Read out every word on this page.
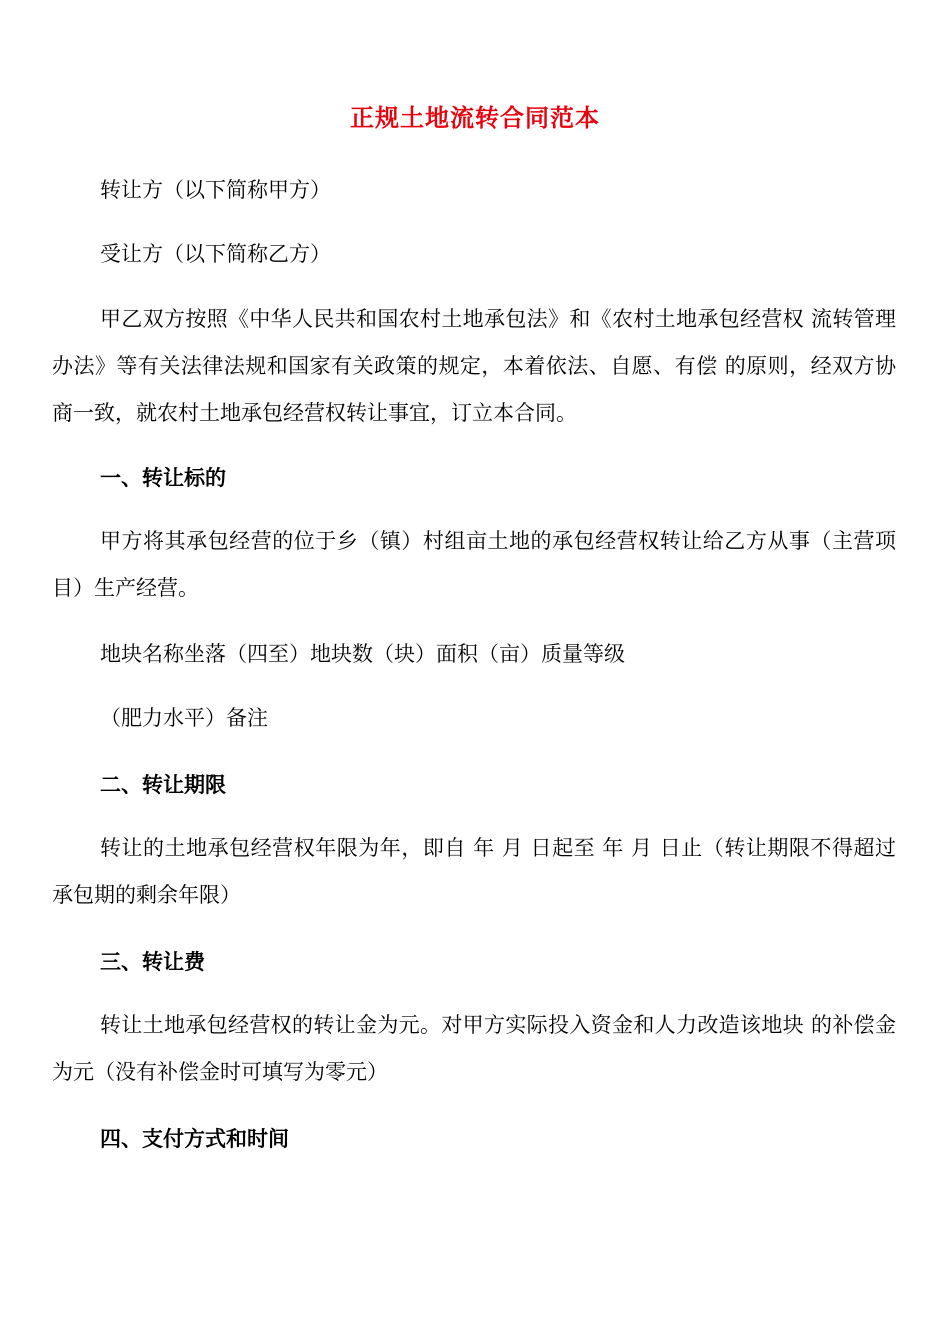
正规土地流转合同范本
转让方（以下简称甲方）
受让方（以下简称乙方）
甲乙双方按照《中华人民共和国农村土地承包法》和《农村土地承包经营权 流转管理办法》等有关法律法规和国家有关政策的规定，本着依法、自愿、有偿 的原则，经双方协商一致，就农村土地承包经营权转让事宜，订立本合同。
一、转让标的
甲方将其承包经营的位于乡（镇）村组亩土地的承包经营权转让给乙方从事（主营项目）生产经营。
地块名称坐落（四至）地块数（块）面积（亩）质量等级
（肥力水平）备注
二、转让期限
转让的土地承包经营权年限为年，即自 年 月 日起至 年 月 日止（转让期限不得超过承包期的剩余年限）
三、转让费
转让土地承包经营权的转让金为元。对甲方实际投入资金和人力改造该地块 的补偿金为元（没有补偿金时可填写为零元）
四、支付方式和时间
